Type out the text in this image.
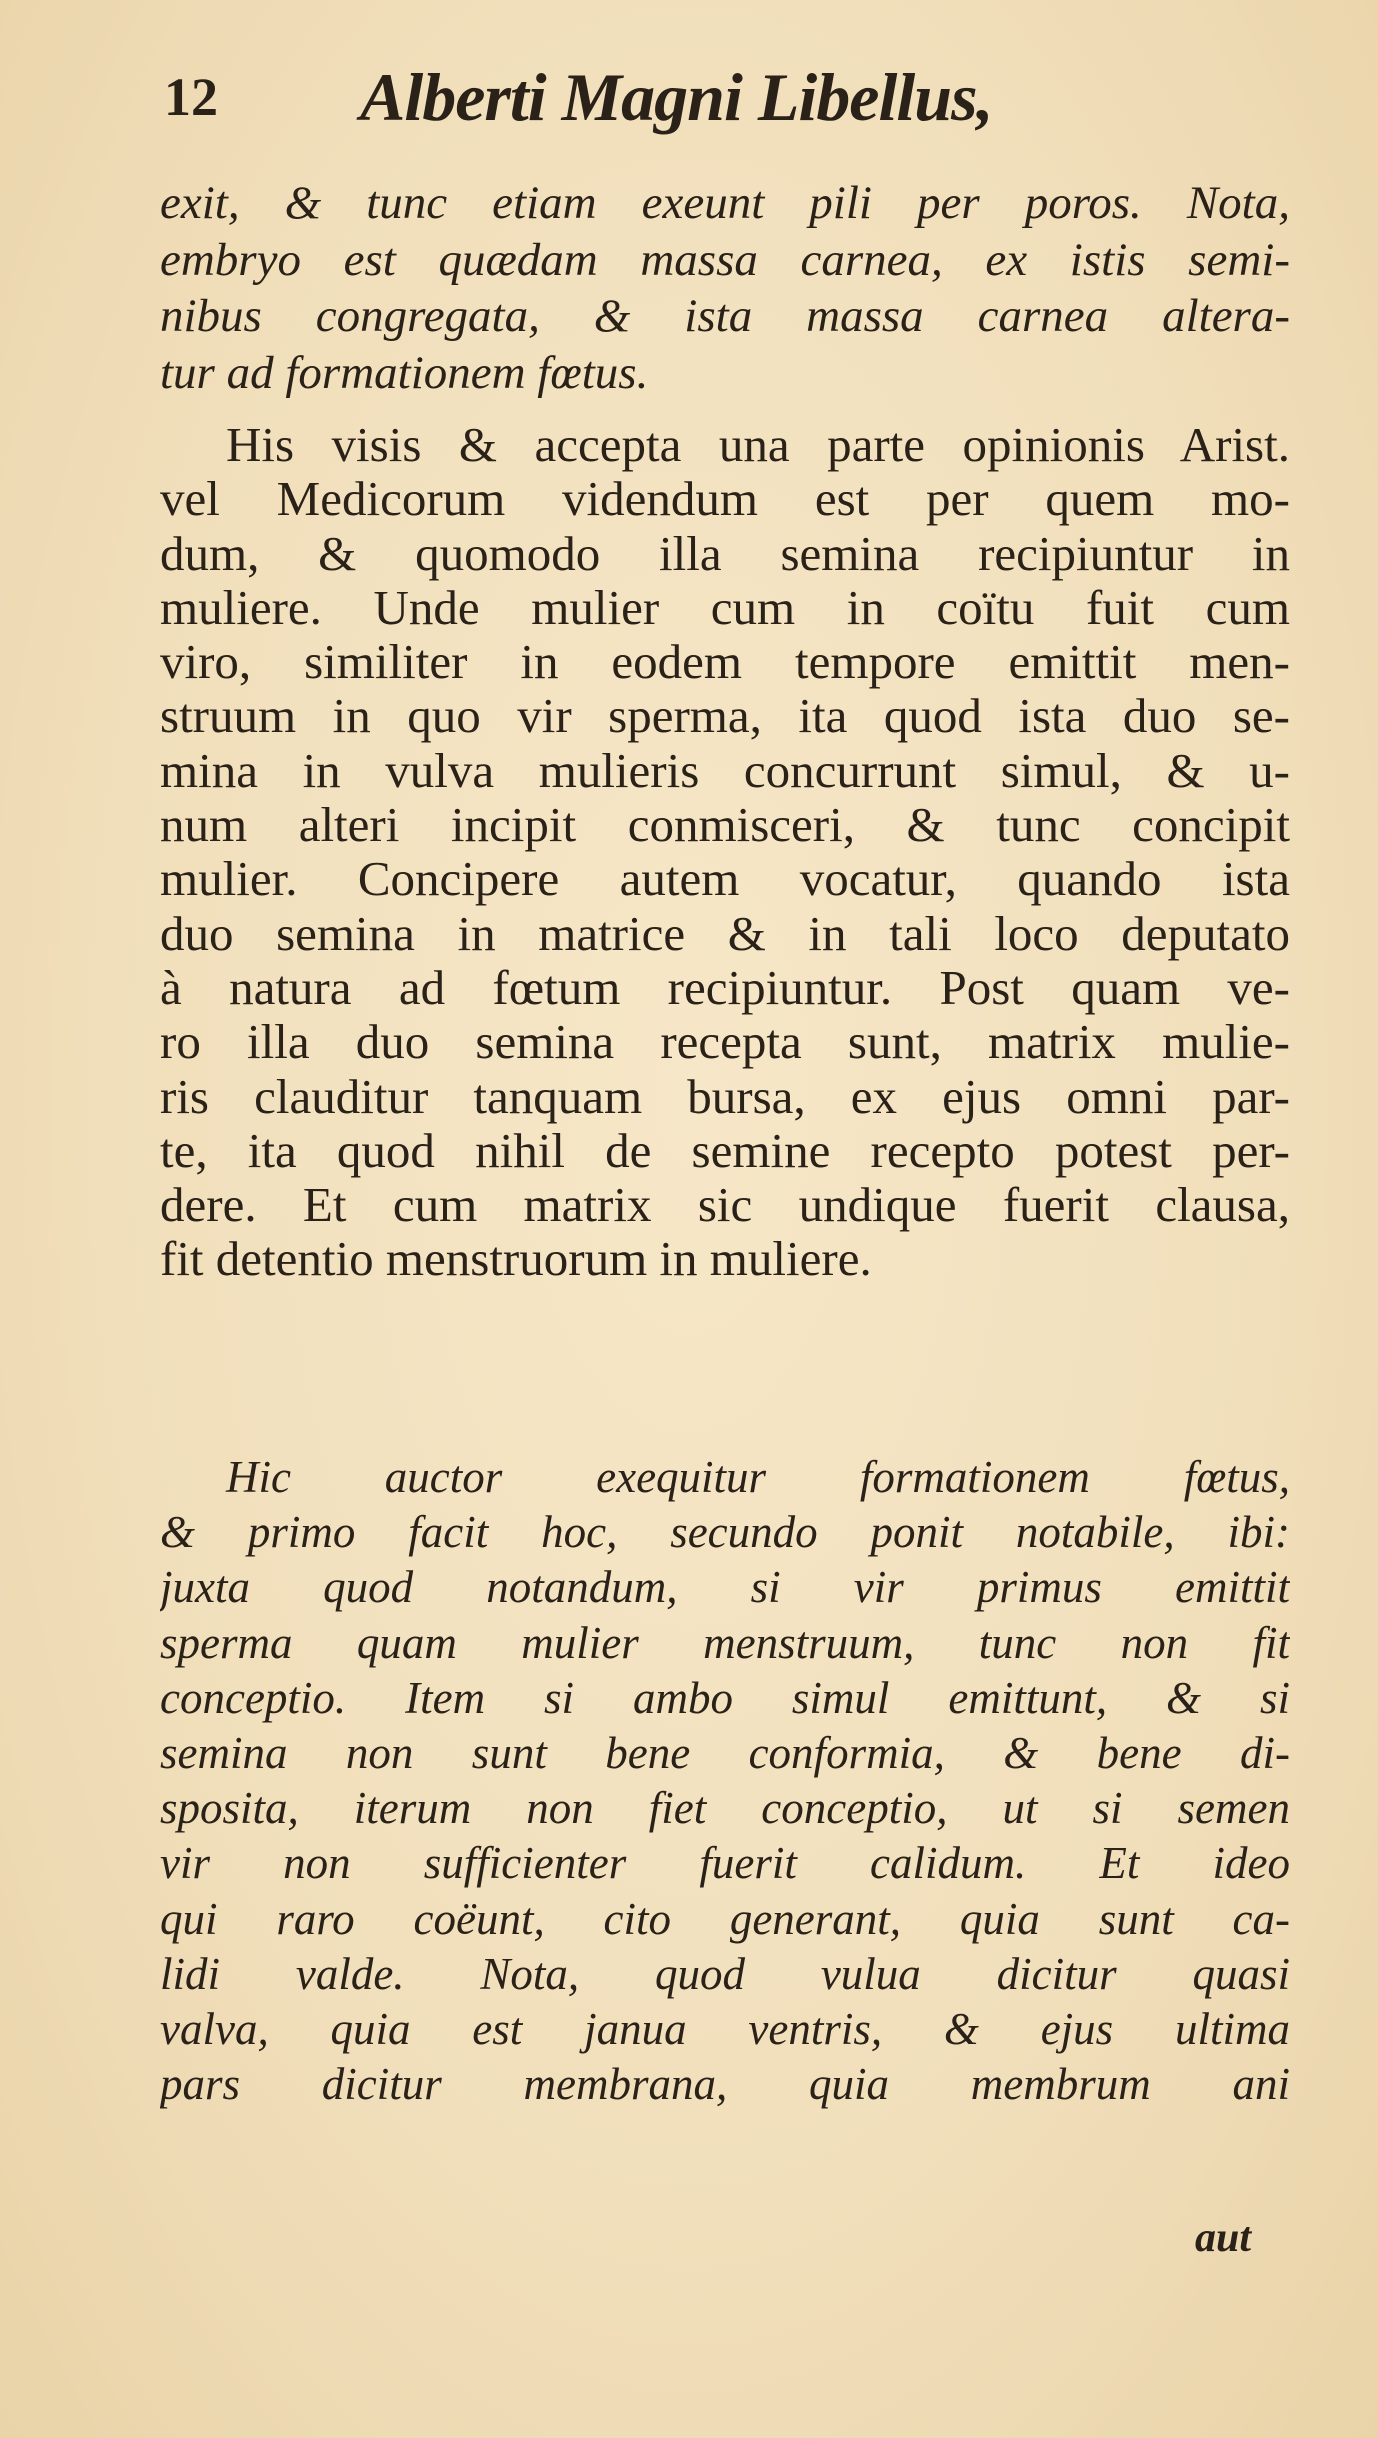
12 Alberti Magni Libellus,
exit, & tunc etiam exeunt pili per poros. Nota,
embryo est quædam massa carnea, ex istis semi-
nibus congregata, & ista massa carnea altera-
tur ad formationem fœtus.
His visis & accepta una parte opinionis Arist.
vel Medicorum videndum est per quem mo-
dum, & quomodo illa semina recipiuntur in
muliere. Unde mulier cum in coïtu fuit cum
viro, similiter in eodem tempore emittit men-
struum in quo vir sperma, ita quod ista duo se-
mina in vulva mulieris concurrunt simul, & u-
num alteri incipit conmisceri, & tunc concipit
mulier. Concipere autem vocatur, quando ista
duo semina in matrice & in tali loco deputato
à natura ad fœtum recipiuntur. Post quam ve-
ro illa duo semina recepta sunt, matrix mulie-
ris clauditur tanquam bursa, ex ejus omni par-
te, ita quod nihil de semine recepto potest per-
dere. Et cum matrix sic undique fuerit clausa,
fit detentio menstruorum in muliere.
Hic auctor exequitur formationem fœtus,
& primo facit hoc, secundo ponit notabile, ibi:
juxta quod notandum, si vir primus emittit
sperma quam mulier menstruum, tunc non fit
conceptio. Item si ambo simul emittunt, & si
semina non sunt bene conformia, & bene di-
sposita, iterum non fiet conceptio, ut si semen
vir non sufficienter fuerit calidum. Et ideo
qui raro coëunt, cito generant, quia sunt ca-
lidi valde. Nota, quod vulua dicitur quasi
valva, quia est janua ventris, & ejus ultima
pars dicitur membrana, quia membrum ani
aut
